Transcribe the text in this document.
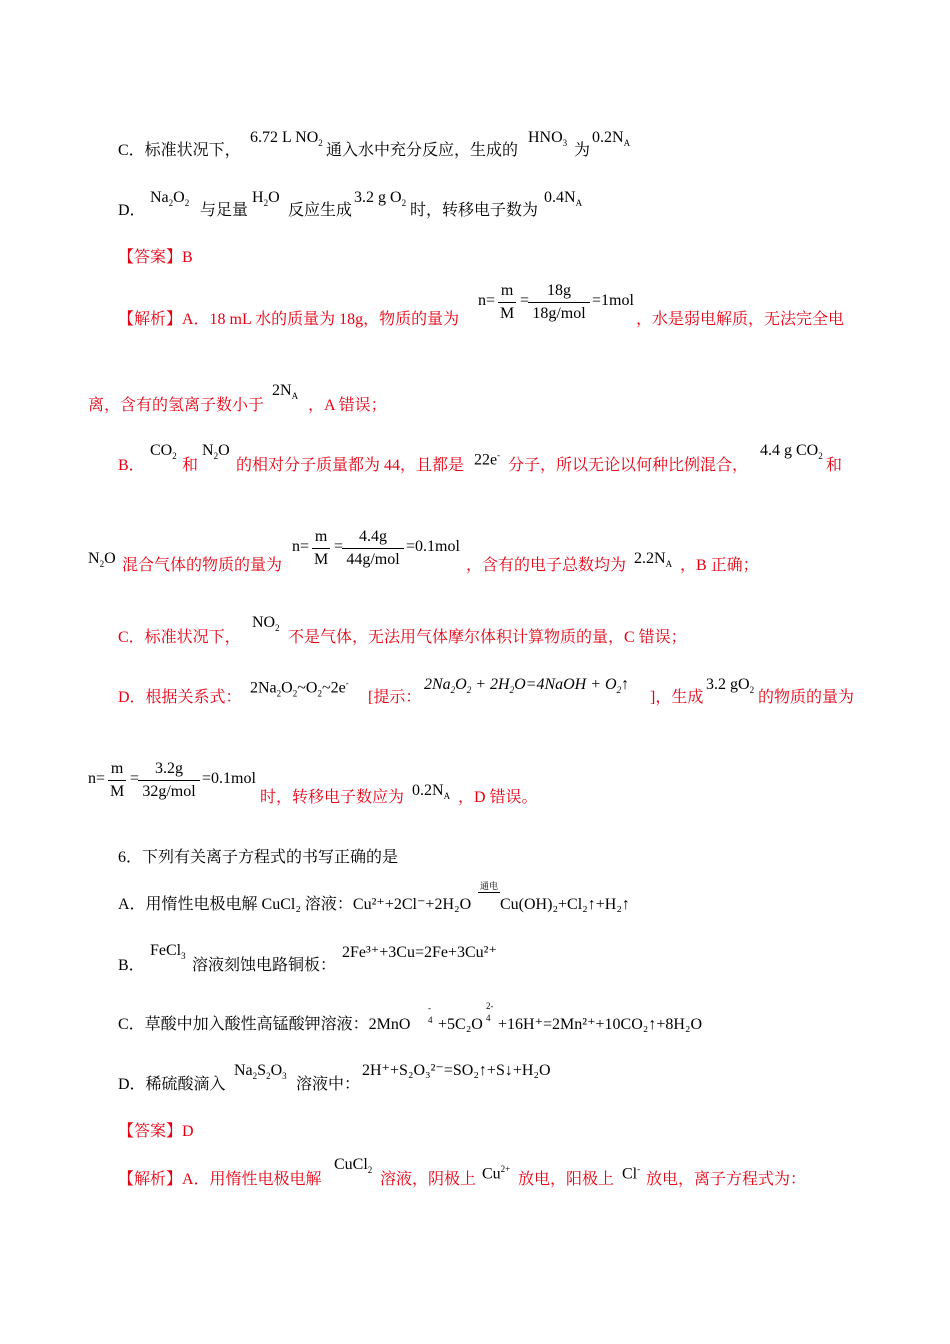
C．标准状况下，
6.72 L $NO_2$ 通入水中充分反应，生成的
$HNO_3$ 为
$0.2N_A$
D．
$Na_2O_2$ 与足量
$H_2O$
反应生成
3.2 g $O_2$ 时，转移电子数为
$0.4N_A$
【答案】B
【解析】A．18 mL 水的质量为 18g，物质的量为
$n= \frac{m}{M}$ =
18g
18g/mol
=1mol
，水是弱电解质，无法完全电
离，含有的氢离子数小于
$2N_A$
，A 错误；
B．
$CO_2$
和
$N_2O$
的相对分子质量都为 44，且都是 22e-
分子，所以无论以何种比例混合，
4.4 g $CO_2$
和
$N_2O$ 混合气体的物质的量为
$n= \frac{m}{M}$ =
4.4g
44g/mol
=0.1mol
，含有的电子总数均为 $2.2N_A$ ，B 正确；
C．标准状况下，
$NO_2$
不是气体，无法用气体摩尔体积计算物质的量，C 错误；
D．根据关系式：
$2Na_2O_2\sim O_2\sim 2e^-$
[提示：
$2Na_2O_2$ + $2H_2O=4NaOH$ + $O_2↑$
]，生成
3.2 $gO_2$ 的物质的量为
$n= \frac{m}{M}$ =
3.2g
32g/mol
=0.1mol
时，转移电子数应为 $0.2N_A$ ，D 错误。
6．下列有关离子方程式的书写正确的是
A．用惰性电极电解 CuCl₂ 溶液：Cu²⁺+2Cl⁻+2H₂O
通电
Cu(OH)₂+Cl₂↑+H₂↑
B．
FeCl$_3$
溶液刻蚀电路铜板：
2Fe³⁺+3Cu=2Fe+3Cu²⁺
C．草酸中加入酸性高锰酸钾溶液：2MnO
-
4 +5C₂O
2-
4 +16H⁺=2Mn²⁺+10CO₂↑+8H₂O
D．稀硫酸滴入
$Na_2S_2O_3$ 溶液中：
2H⁺+S₂O₃²⁻=SO₂↑+S↓+H₂O
【答案】D
【解析】A．用惰性电极电解
CuCl$_2$
溶液，阴极上 $Cu^{2+}$
放电，阳极上 Cl-
放电，离子方程式为：
